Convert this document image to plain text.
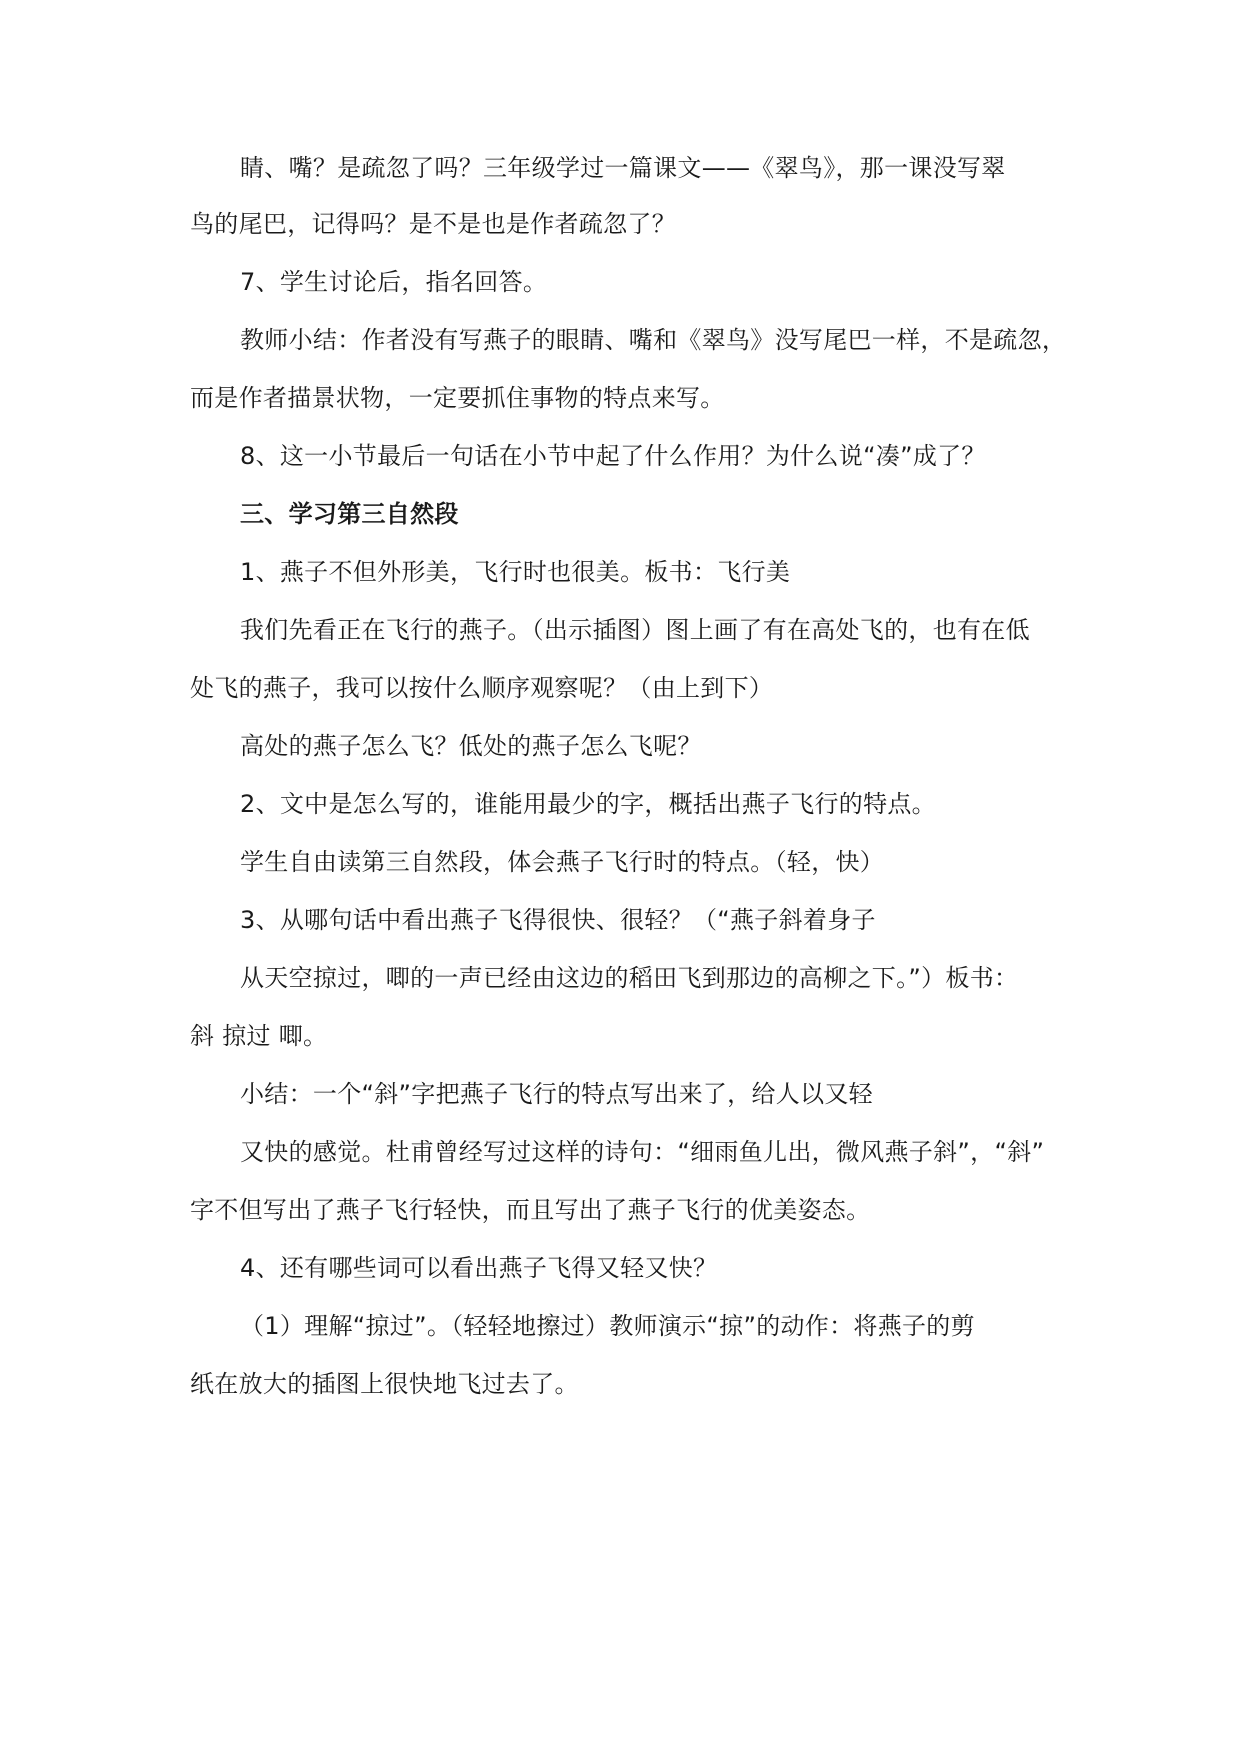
睛、嘴？是疏忽了吗？三年级学过一篇课文——《翠鸟》，那一课没写翠
鸟的尾巴，记得吗？是不是也是作者疏忽了？
7、学生讨论后，指名回答。
教师小结：作者没有写燕子的眼睛、嘴和《翠鸟》没写尾巴一样，不是疏忽，
而是作者描景状物，一定要抓住事物的特点来写。
8、这一小节最后一句话在小节中起了什么作用？为什么说“凑”成了？
三、学习第三自然段
1、燕子不但外形美，飞行时也很美。板书：飞行美
我们先看正在飞行的燕子。（出示插图）图上画了有在高处飞的，也有在低
处飞的燕子，我可以按什么顺序观察呢？（由上到下）
高处的燕子怎么飞？低处的燕子怎么飞呢？
2、文中是怎么写的，谁能用最少的字，概括出燕子飞行的特点。
学生自由读第三自然段，体会燕子飞行时的特点。（轻，快）
3、从哪句话中看出燕子飞得很快、很轻？（“燕子斜着身子
从天空掠过，唧的一声已经由这边的稻田飞到那边的高柳之下。”）板书：
斜 掠过 唧。
小结：一个“斜”字把燕子飞行的特点写出来了，给人以又轻
又快的感觉。杜甫曾经写过这样的诗句：“细雨鱼儿出，微风燕子斜”，“斜”
字不但写出了燕子飞行轻快，而且写出了燕子飞行的优美姿态。
4、还有哪些词可以看出燕子飞得又轻又快？
（1）理解“掠过”。（轻轻地擦过）教师演示“掠”的动作：将燕子的剪
纸在放大的插图上很快地飞过去了。
